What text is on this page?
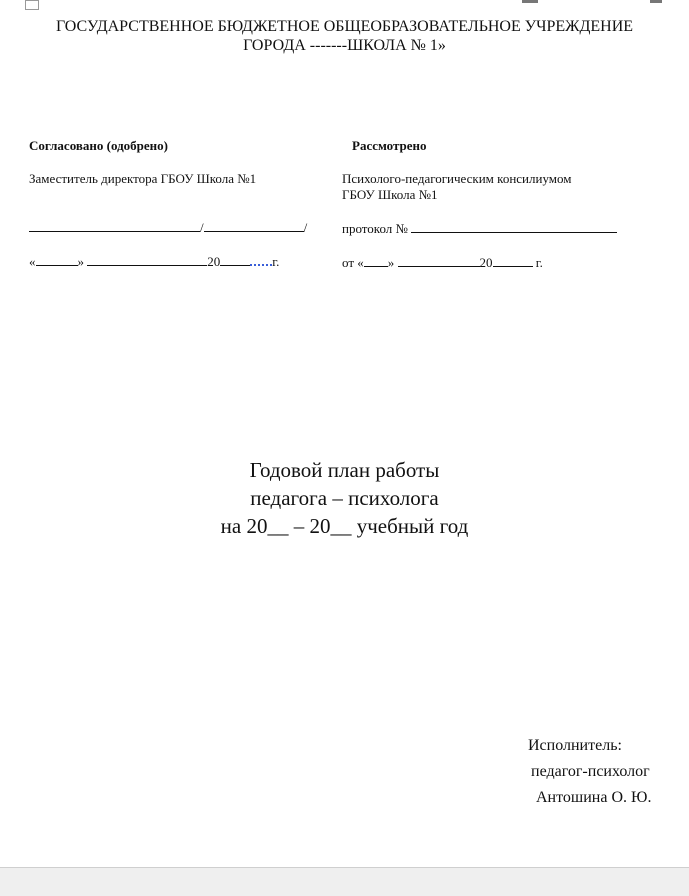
ГОСУДАРСТВЕННОЕ БЮДЖЕТНОЕ ОБЩЕОБРАЗОВАТЕЛЬНОЕ УЧРЕЖДЕНИЕ
ГОРОДА -------ШКОЛА № 1»
Согласовано (одобрено)
Заместитель директора ГБОУ Школа №1
/	/
«	»	20	г.
Рассмотрено
Психолого-педагогическим консилиумом
ГБОУ Школа №1
протокол №
от « »	20	г.
Годовой план работы
педагога – психолога
на 20__ – 20__ учебный год
Исполнитель:
педагог-психолог
Антошина О. Ю.
